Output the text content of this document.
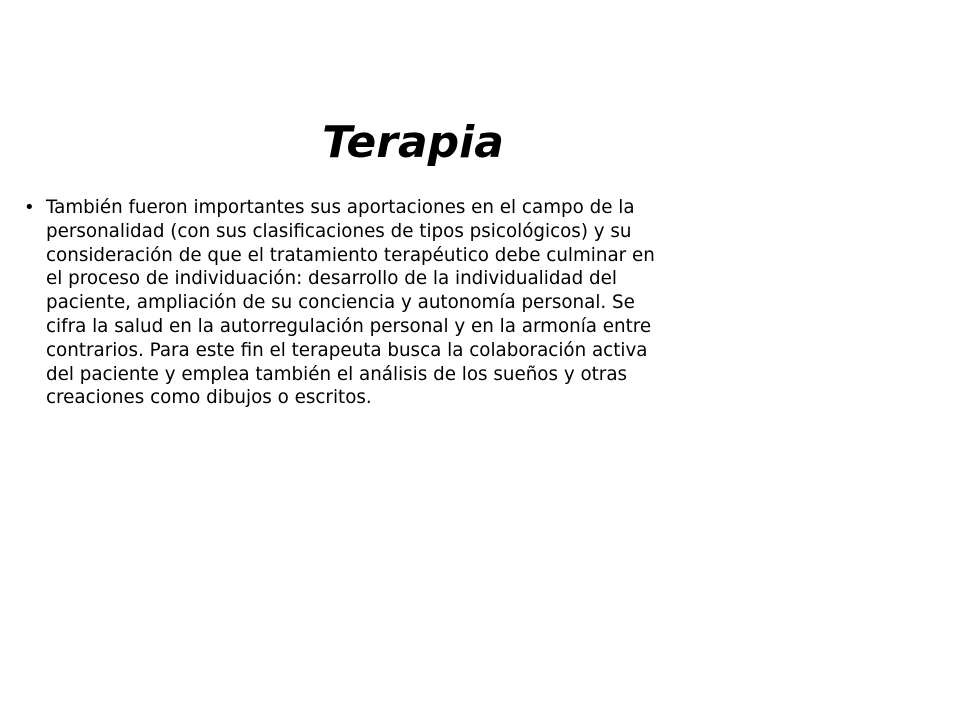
Terapia
• También fueron importantes sus aportaciones en el campo de la
personalidad (con sus clasificaciones de tipos psicológicos) y su
consideración de que el tratamiento terapéutico debe culminar en
el proceso de individuación: desarrollo de la individualidad del
paciente, ampliación de su conciencia y autonomía personal. Se
cifra la salud en la autorregulación personal y en la armonía entre
contrarios. Para este fin el terapeuta busca la colaboración activa
del paciente y emplea también el análisis de los sueños y otras
creaciones como dibujos o escritos.
